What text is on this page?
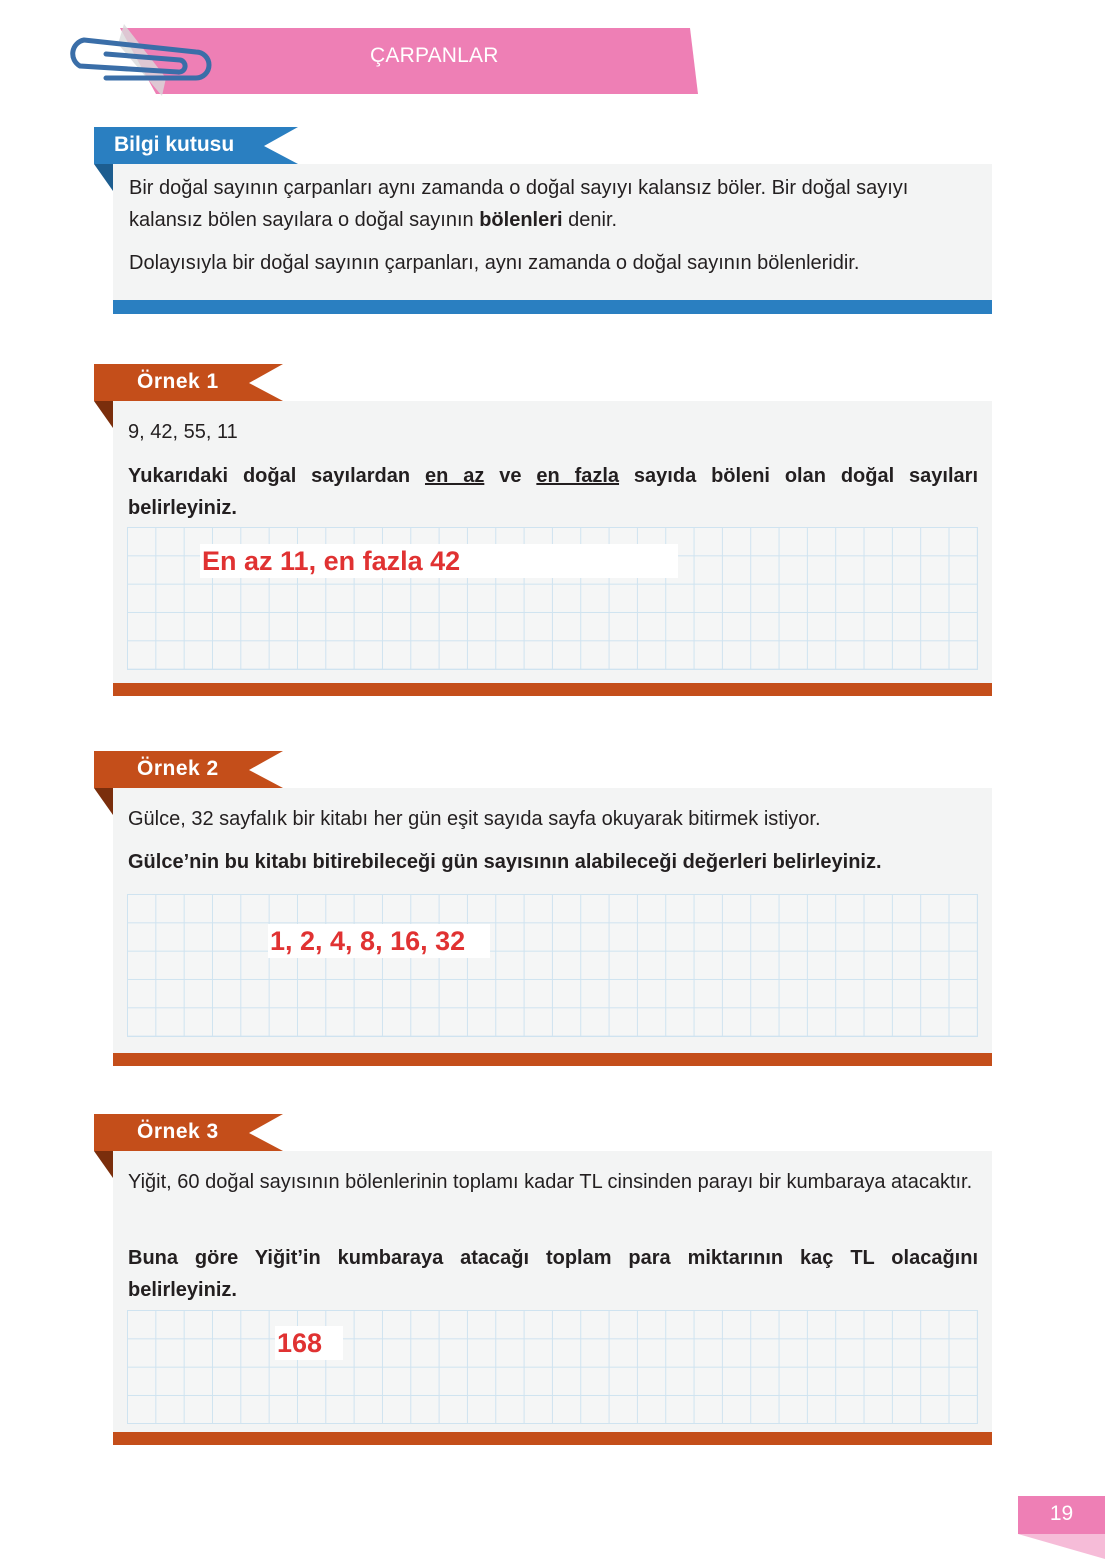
ÇARPANLAR
Bilgi kutusu
Bir doğal sayının çarpanları aynı zamanda o doğal sayıyı kalansız böler. Bir doğal sayıyı kalansız bölen sayılara o doğal sayının bölenleri denir.
Dolayısıyla bir doğal sayının çarpanları, aynı zamanda o doğal sayının bölenleridir.
Örnek 1
9, 42, 55, 11
Yukarıdaki doğal sayılardan en az ve en fazla sayıda böleni olan doğal sayıları belirleyiniz.
En az 11, en fazla 42
Örnek 2
Gülce, 32 sayfalık bir kitabı her gün eşit sayıda sayfa okuyarak bitirmek istiyor.
Gülce’nin bu kitabı bitirebileceği gün sayısının alabileceği değerleri belirleyiniz.
1, 2, 4, 8, 16, 32
Örnek 3
Yiğit, 60 doğal sayısının bölenlerinin toplamı kadar TL cinsinden parayı bir kumbaraya atacaktır.
Buna göre Yiğit’in kumbaraya atacağı toplam para miktarının kaç TL olacağını belirleyiniz.
168
19
